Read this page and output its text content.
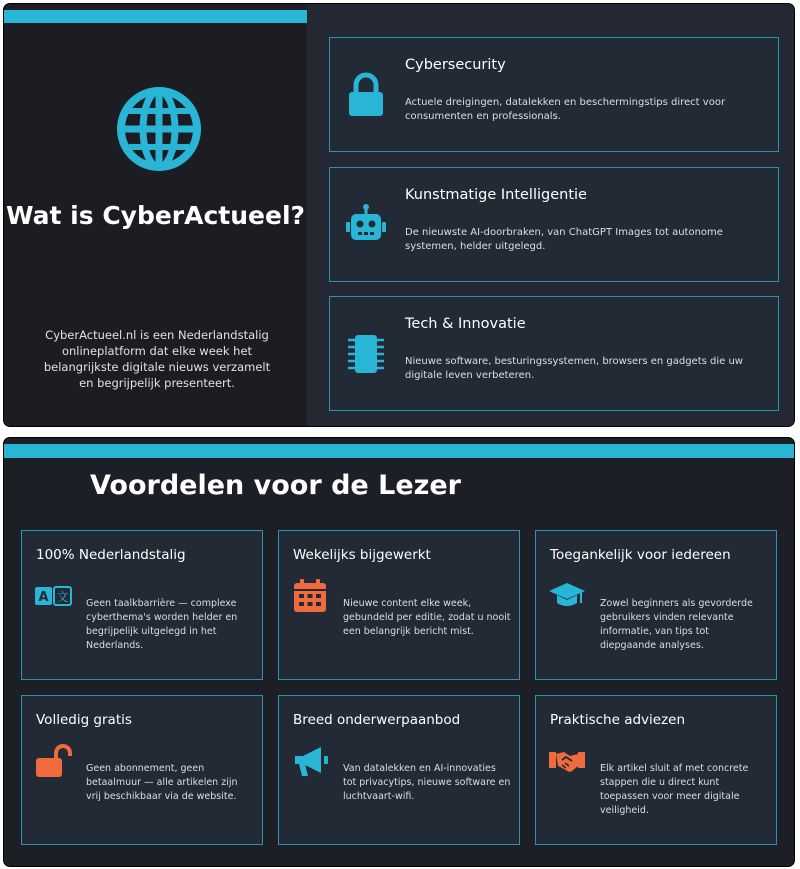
Wat is CyberActueel?
CyberActueel.nl is een Nederlandstalig onlineplatform dat elke week het belangrijkste digitale nieuws verzamelt en begrijpelijk presenteert.
Cybersecurity

Actuele dreigingen, datalekken en beschermingstips direct voor consumenten en professionals.

Kunstmatige Intelligentie

De nieuwste AI-doorbraken, van ChatGPT Images tot autonome systemen, helder uitgelegd.

Tech & Innovatie

Nieuwe software, besturingssystemen, browsers en gadgets die uw digitale leven verbeteren.

Voordelen voor de Lezer
100% Nederlandstalig
A 文 Geen taalkbarrière — complexe cyberthema's worden helder en begrijpelijk uitgelegd in het Nederlands.

Wekelijks bijgewerkt

Nieuwe content elke week, gebundeld per editie, zodat u nooit een belangrijk bericht mist.

Toegankelijk voor iedereen

Zowel beginners als gevorderde gebruikers vinden relevante informatie, van tips tot diepgaande analyses.

Volledig gratis

Geen abonnement, geen betaalmuur — alle artikelen zijn vrij beschikbaar via de website.

Breed onderwerpaanbod

Van datalekken en AI-innovaties tot privacytips, nieuwe software en luchtvaart-wifi.

Praktische adviezen

Elk artikel sluit af met concrete stappen die u direct kunt toepassen voor meer digitale veiligheid.
